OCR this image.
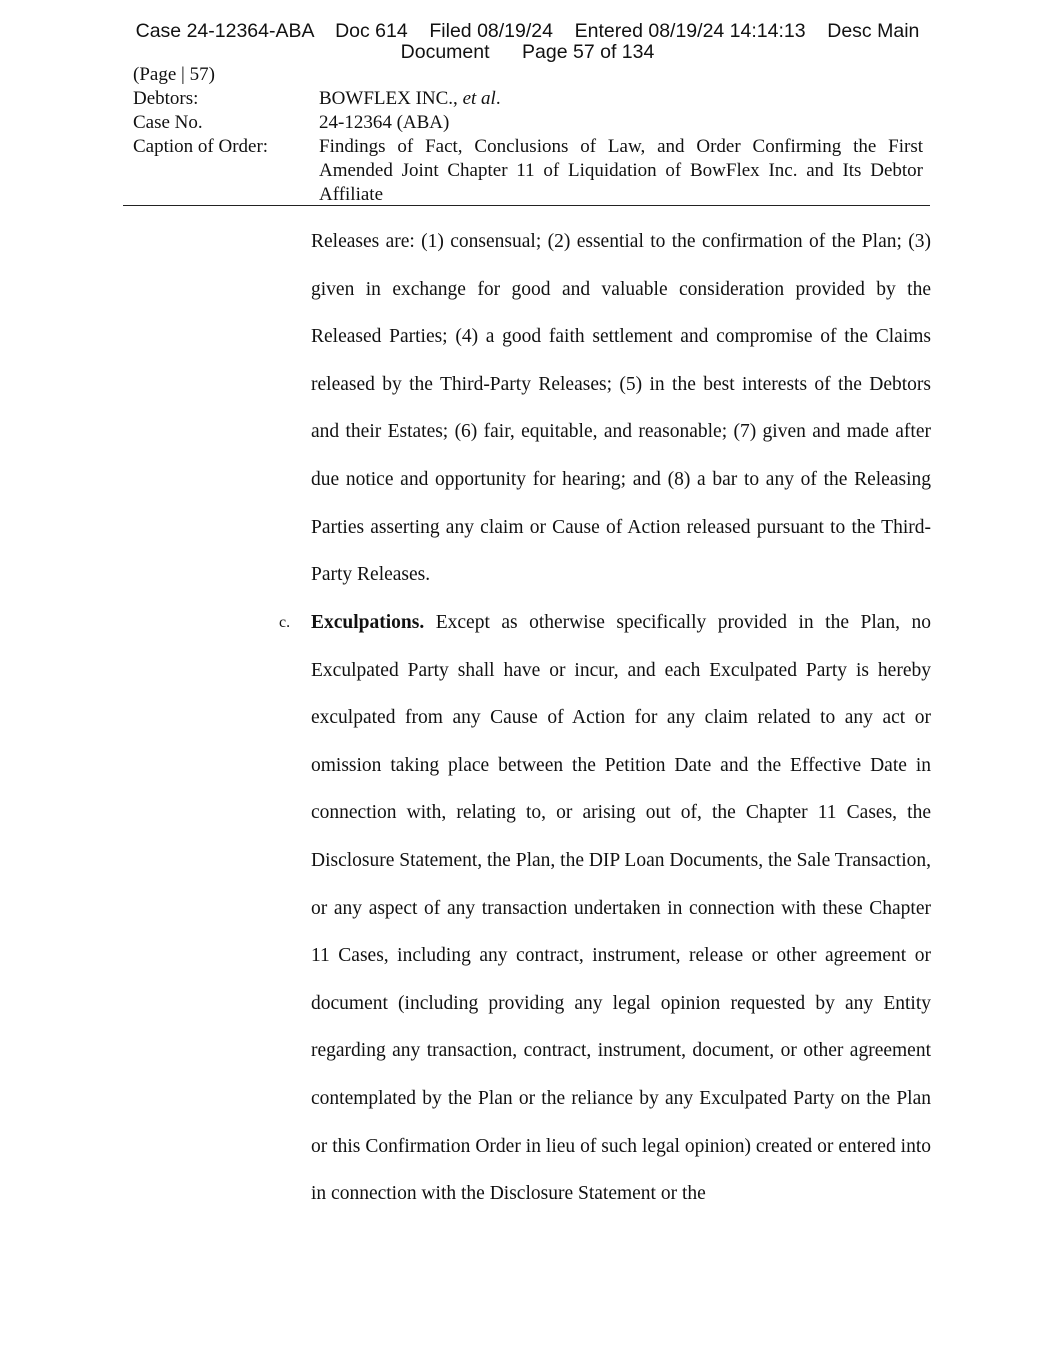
Case 24-12364-ABA    Doc 614    Filed 08/19/24    Entered 08/19/24 14:14:13    Desc Main
Document      Page 57 of 134
(Page | 57)
Debtors:	BOWFLEX INC., et al.
Case No.	24-12364 (ABA)
Caption of Order:	Findings of Fact, Conclusions of Law, and Order Confirming the First Amended Joint Chapter 11 of Liquidation of BowFlex Inc. and Its Debtor Affiliate
Releases are: (1) consensual; (2) essential to the confirmation of the Plan; (3) given in exchange for good and valuable consideration provided by the Released Parties; (4) a good faith settlement and compromise of the Claims released by the Third-Party Releases; (5) in the best interests of the Debtors and their Estates; (6) fair, equitable, and reasonable; (7) given and made after due notice and opportunity for hearing; and (8) a bar to any of the Releasing Parties asserting any claim or Cause of Action released pursuant to the Third-Party Releases.
c. Exculpations. Except as otherwise specifically provided in the Plan, no Exculpated Party shall have or incur, and each Exculpated Party is hereby exculpated from any Cause of Action for any claim related to any act or omission taking place between the Petition Date and the Effective Date in connection with, relating to, or arising out of, the Chapter 11 Cases, the Disclosure Statement, the Plan, the DIP Loan Documents, the Sale Transaction, or any aspect of any transaction undertaken in connection with these Chapter 11 Cases, including any contract, instrument, release or other agreement or document (including providing any legal opinion requested by any Entity regarding any transaction, contract, instrument, document, or other agreement contemplated by the Plan or the reliance by any Exculpated Party on the Plan or this Confirmation Order in lieu of such legal opinion) created or entered into in connection with the Disclosure Statement or the
